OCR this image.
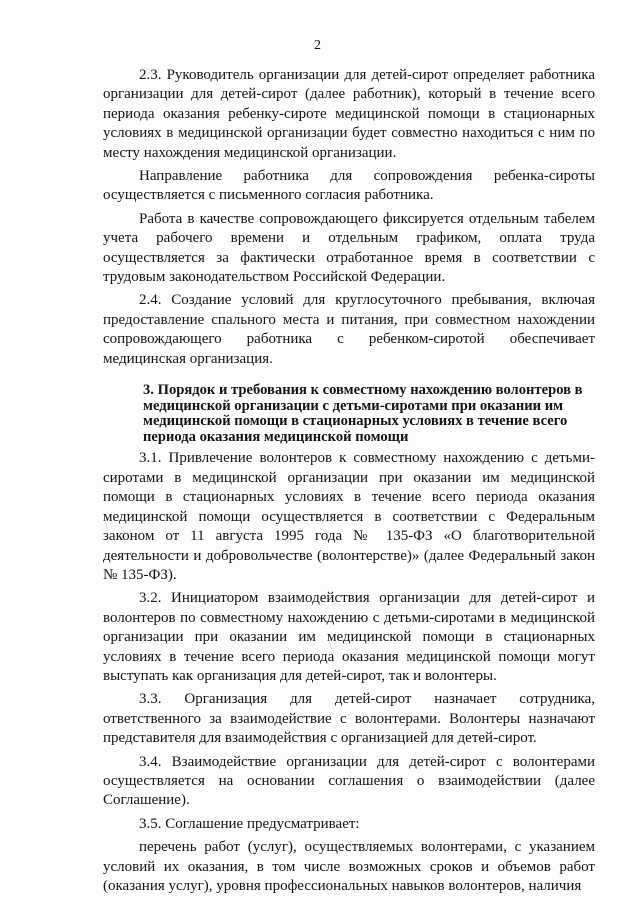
2

2.3. Руководитель организации для детей-сирот определяет работника организации для детей-сирот (далее работник), который в течение всего периода оказания ребенку-сироте медицинской помощи в стационарных условиях в медицинской организации будет совместно находиться с ним по месту нахождения медицинской организации.

Направление работника для сопровождения ребенка-сироты осуществляется с письменного согласия работника.

Работа в качестве сопровождающего фиксируется отдельным табелем учета рабочего времени и отдельным графиком, оплата труда осуществляется за фактически отработанное время в соответствии с трудовым законодательством Российской Федерации.

2.4. Создание условий для круглосуточного пребывания, включая предоставление спального места и питания, при совместном нахождении сопровождающего работника с ребенком-сиротой обеспечивает медицинская организация.

3. Порядок и требования к совместному нахождению волонтеров в
медицинской организации с детьми-сиротами при оказании им
медицинской помощи в стационарных условиях в течение всего
периода оказания медицинской помощи

3.1. Привлечение волонтеров к совместному нахождению с детьми-сиротами в медицинской организации при оказании им медицинской помощи в стационарных условиях в течение всего периода оказания медицинской помощи осуществляется в соответствии с Федеральным законом от 11 августа 1995 года № 135-ФЗ «О благотворительной деятельности и добровольчестве (волонтерстве)» (далее Федеральный закон № 135-ФЗ).

3.2. Инициатором взаимодействия организации для детей-сирот и волонтеров по совместному нахождению с детьми-сиротами в медицинской организации при оказании им медицинской помощи в стационарных условиях в течение всего периода оказания медицинской помощи могут выступать как организация для детей-сирот, так и волонтеры.

3.3. Организация для детей-сирот назначает сотрудника, ответственного за взаимодействие с волонтерами. Волонтеры назначают представителя для взаимодействия с организацией для детей-сирот.

3.4. Взаимодействие организации для детей-сирот с волонтерами осуществляется на основании соглашения о взаимодействии (далее Соглашение).

3.5. Соглашение предусматривает:

перечень работ (услуг), осуществляемых волонтерами, с указанием условий их оказания, в том числе возможных сроков и объемов работ (оказания услуг), уровня профессиональных навыков волонтеров, наличия
